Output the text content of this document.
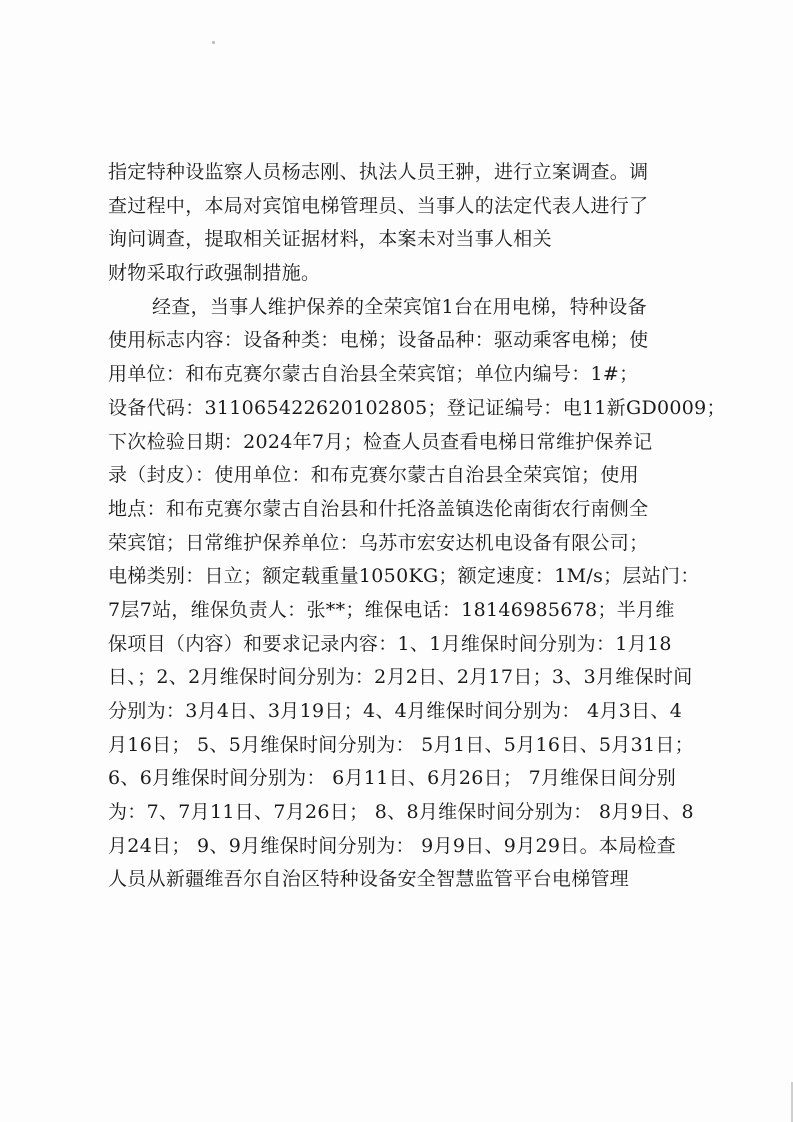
指定特种设监察人员杨志刚、执法人员王翀，进行立案调查。调
查过程中，本局对宾馆电梯管理员、当事人的法定代表人进行了
询问调查，提取相关证据材料，本案未对当事人相关
财物采取行政强制措施。
经查，当事人维护保养的全荣宾馆1台在用电梯，特种设备
使用标志内容：设备种类：电梯；设备品种：驱动乘客电梯；使
用单位：和布克赛尔蒙古自治县全荣宾馆；单位内编号：1#；
设备代码：311065422620102805；登记证编号：电11新GD0009；
下次检验日期：2024年7月；检查人员查看电梯日常维护保养记
录（封皮）：使用单位：和布克赛尔蒙古自治县全荣宾馆；使用
地点：和布克赛尔蒙古自治县和什托洛盖镇迭伦南街农行南侧全
荣宾馆；日常维护保养单位：乌苏市宏安达机电设备有限公司；
电梯类别：日立；额定载重量1050KG；额定速度：1M/s；层站门：
7层7站，维保负责人：张**；维保电话：18146985678；半月维
保项目（内容）和要求记录内容：1、1月维保时间分别为：1月18
日、；2、2月维保时间分别为：2月2日、2月17日；3、3月维保时间
分别为：3月4日、3月19日；4、4月维保时间分别为： 4月3日、4
月16日； 5、5月维保时间分别为： 5月1日、5月16日、5月31日；
6、6月维保时间分别为： 6月11日、6月26日； 7月维保日间分别
为：7、7月11日、7月26日； 8、8月维保时间分别为： 8月9日、8
月24日； 9、9月维保时间分别为： 9月9日、9月29日。本局检查
人员从新疆维吾尔自治区特种设备安全智慧监管平台电梯管理
